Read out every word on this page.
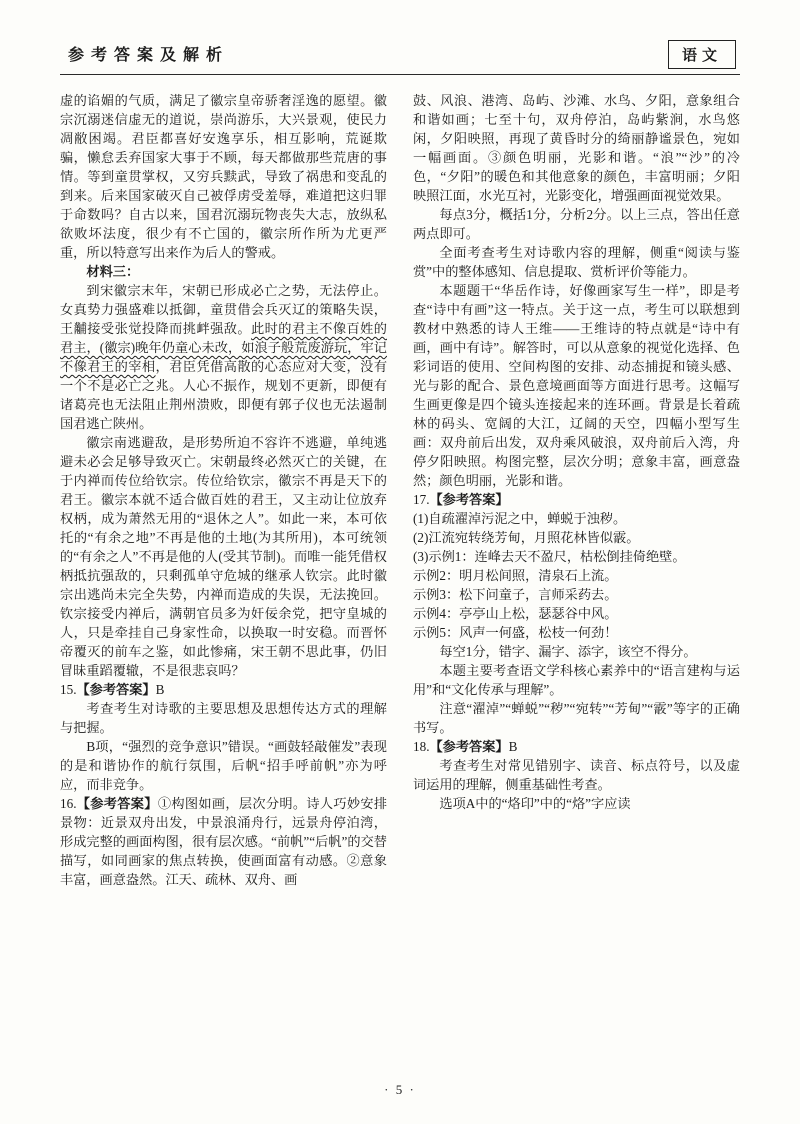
参考答案及解析	语文

虚的谄媚的气质，满足了徽宗皇帝骄奢淫逸的愿望。徽宗沉溺迷信虚无的道说，崇尚游乐，大兴景观，使民力凋敝困竭。君臣都喜好安逸享乐，相互影响，荒诞欺骗，懒怠丢弃国家大事于不顾，每天都做那些荒唐的事情。等到童贯掌权，又穷兵黩武，导致了祸患和变乱的到来。后来国家破灭自己被俘虏受羞辱，难道把这归罪于命数吗？自古以来，国君沉溺玩物丧失大志，放纵私欲败坏法度，很少有不亡国的，徽宗所作所为尤更严重，所以特意写出来作为后人的警戒。

材料三：

到宋徽宗末年，宋朝已形成必亡之势，无法停止。女真势力强盛难以抵御，童贯借会兵灭辽的策略失误，王黼接受张觉投降而挑衅强敌。此时的君主不像百姓的君主，(徽宗)晚年仍童心未改，如浪子般荒废游玩，牢记不像君王的宰相，君臣凭借高散的心态应对大变，没有一个不是必亡之兆。人心不振作，规划不更新，即便有诸葛亮也无法阻止荆州溃败，即便有郭子仪也无法遏制国君逃亡陕州。

徽宗南逃避敌，是形势所迫不容许不逃避，单纯逃避未必会足够导致灭亡。宋朝最终必然灭亡的关键，在于内禅而传位给钦宗。传位给钦宗，徽宗不再是天下的君王。徽宗本就不适合做百姓的君王，又主动让位放弃权柄，成为萧然无用的“退休之人”。如此一来，本可依托的“有余之地”不再是他的土地(为其所用)，本可统领的“有余之人”不再是他的人(受其节制)。而唯一能凭借权柄抵抗强敌的，只剩孤单守危城的继承人钦宗。此时徽宗出逃尚未完全失势，内禅而造成的失误，无法挽回。钦宗接受内禅后，满朝官员多为奸佞余党，把守皇城的人，只是牵挂自己身家性命，以换取一时安稳。而晋怀帝覆灭的前车之鉴，如此惨痛，宋王朝不思此事，仍旧冒昧重蹈覆辙，不是很悲哀吗？

15.【参考答案】B

考查考生对诗歌的主要思想及思想传达方式的理解与把握。

B项，“强烈的竞争意识”错误。“画鼓轻敲催发”表现的是和谐协作的航行氛围，后帆“招手呼前帆”亦为呼应，而非竞争。

16.【参考答案】①构图如画，层次分明。诗人巧妙安排景物：近景双舟出发，中景浪涌舟行，远景舟停泊湾，形成完整的画面构图，很有层次感。“前帆”“后帆”的交替描写，如同画家的焦点转换，使画面富有动感。②意象丰富，画意盎然。江天、疏林、双舟、画

鼓、风浪、港湾、岛屿、沙滩、水鸟、夕阳，意象组合和谐如画；七至十句，双舟停泊，岛屿紫涧，水鸟悠闲，夕阳映照，再现了黄昏时分的绮丽静谧景色，宛如一幅画面。③颜色明丽，光影和谐。“浪”“沙”的冷色，“夕阳”的暖色和其他意象的颜色，丰富明丽；夕阳映照江面，水光互衬，光影变化，增强画面视觉效果。

每点3分，概括1分，分析2分。以上三点，答出任意两点即可。

全面考查考生对诗歌内容的理解，侧重“阅读与鉴赏”中的整体感知、信息提取、赏析评价等能力。

本题题干“华岳作诗，好像画家写生一样”，即是考查“诗中有画”这一特点。关于这一点，考生可以联想到教材中熟悉的诗人王维——王维诗的特点就是“诗中有画，画中有诗”。解答时，可以从意象的视觉化选择、色彩词语的使用、空间构图的安排、动态捕捉和镜头感、光与影的配合、景色意境画面等方面进行思考。这幅写生画更像是四个镜头连接起来的连环画。背景是长着疏林的码头、宽阔的大江，辽阔的天空，四幅小型写生画：双舟前后出发，双舟乘风破浪，双舟前后入湾，舟停夕阳映照。构图完整，层次分明；意象丰富，画意盎然；颜色明丽，光影和谐。

17.【参考答案】

(1)自疏濯淖污泥之中，蝉蜕于浊秽。

(2)江流宛转绕芳甸，月照花林皆似霰。

(3)示例1：连峰去天不盈尺，枯松倒挂倚绝壁。

示例2：明月松间照，清泉石上流。

示例3：松下问童子，言师采药去。

示例4：亭亭山上松，瑟瑟谷中风。

示例5：风声一何盛，松枝一何劲！

每空1分，错字、漏字、添字，该空不得分。

本题主要考查语文学科核心素养中的“语言建构与运用”和“文化传承与理解”。

注意“濯淖”“蝉蜕”“秽”“宛转”“芳甸”“霰”等字的正确书写。

18.【参考答案】B

考查考生对常见错别字、读音、标点符号，以及虚词运用的理解，侧重基础性考查。

选项A中的“烙印”中的“烙”字应读

· 5 ·
